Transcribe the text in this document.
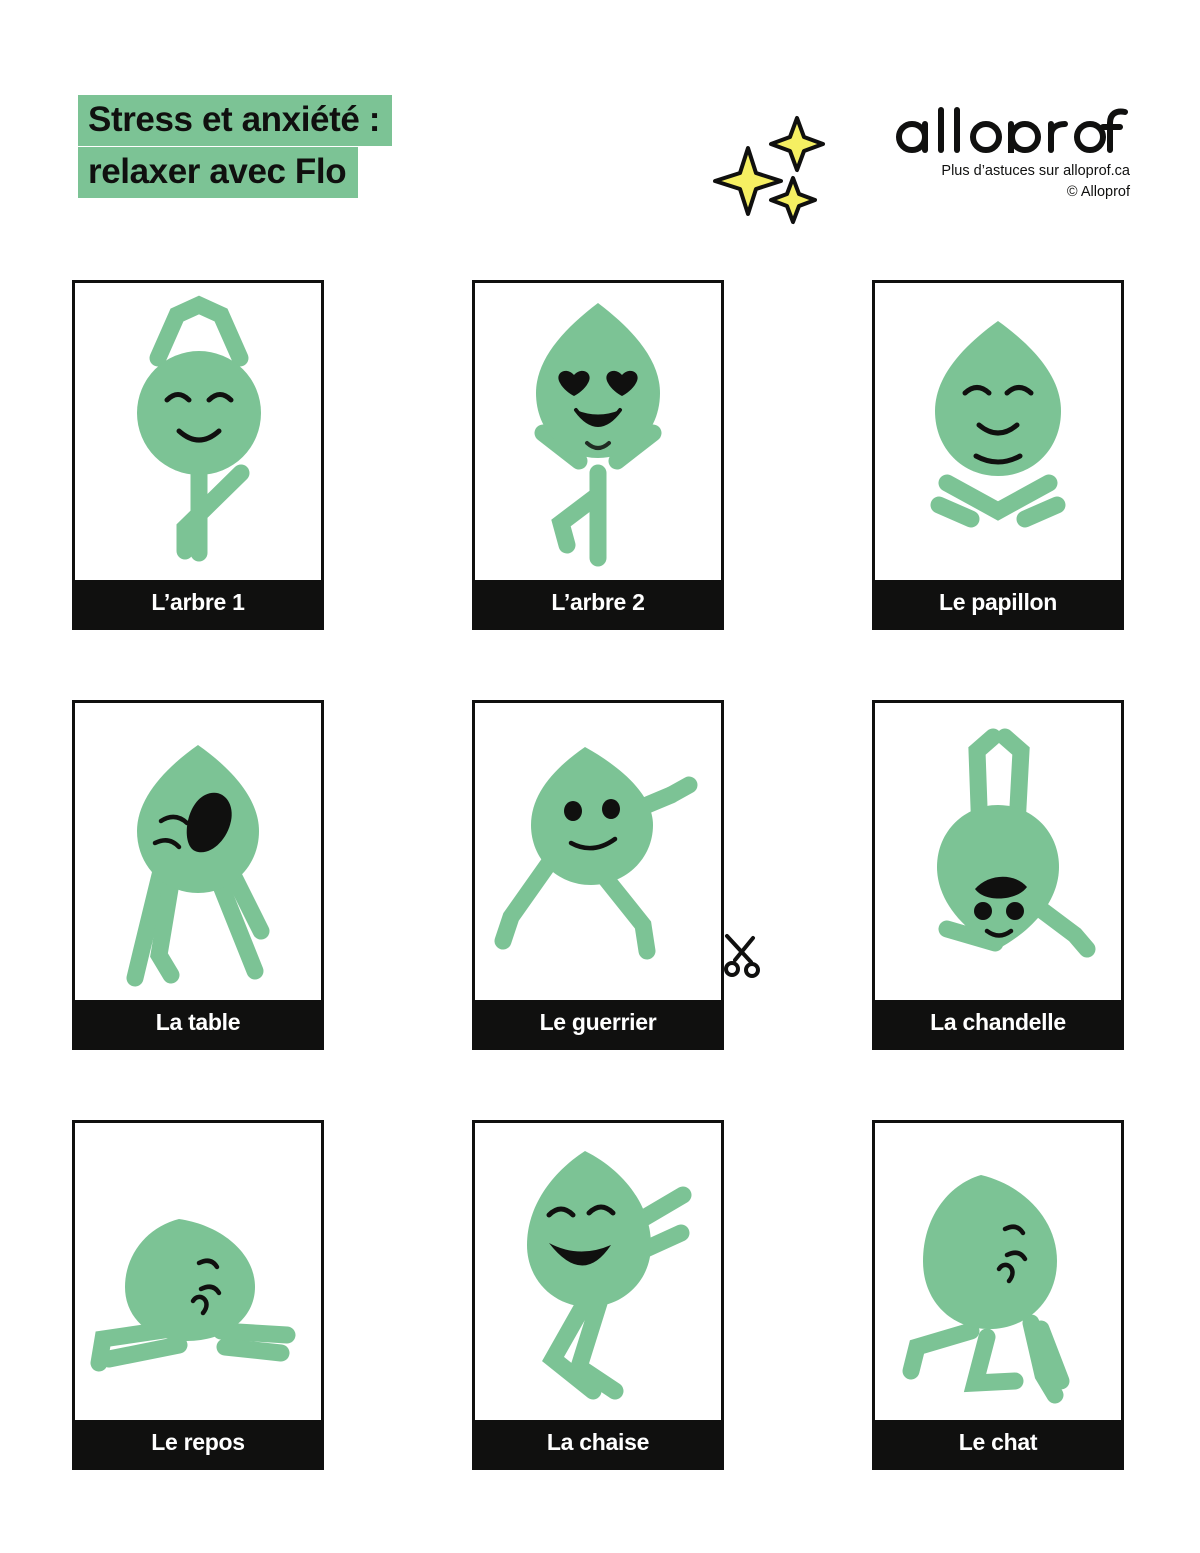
Stress et anxiété :
relaxer avec Flo	Plus d’astuces sur alloprof.ca
© Alloprof
L’arbre 1	L’arbre 2	Le papillon
La table	Le guerrier	La chandelle
Le repos	La chaise	Le chat
